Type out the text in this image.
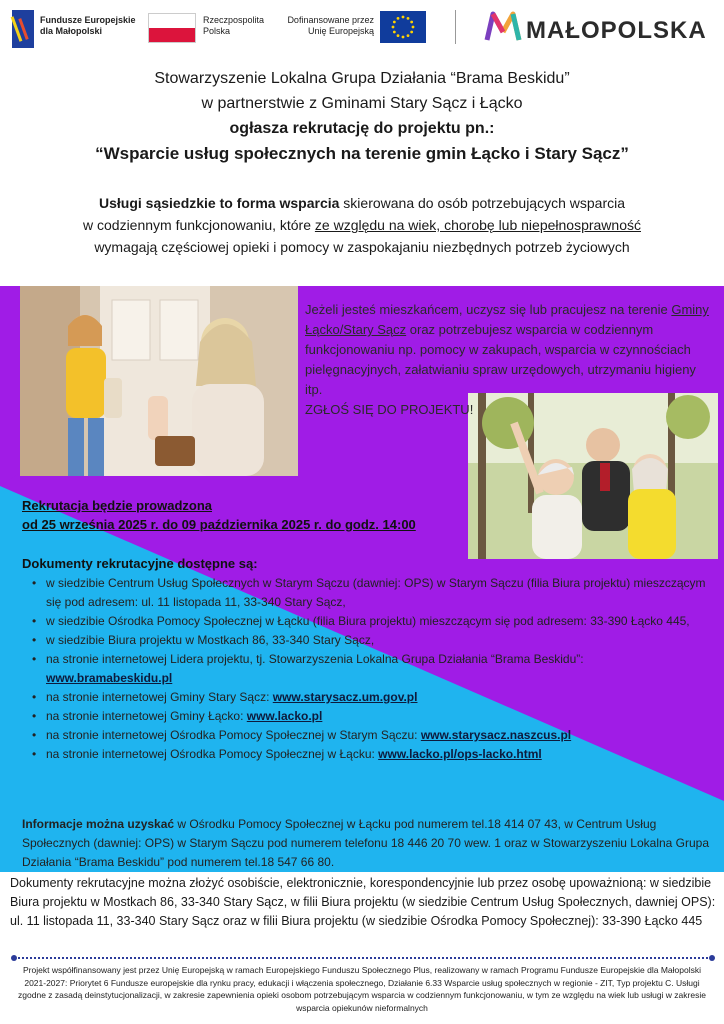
Fundusze Europejskie
dla Małopolski
Rzeczpospolita
Polska
Dofinansowane przez
Unię Europejską	MAŁOPOLSKA
Stowarzyszenie Lokalna Grupa Działania “Brama Beskidu”
w partnerstwie z Gminami Stary Sącz i Łącko
ogłasza rekrutację do projektu pn.:
“Wsparcie usług społecznych na terenie gmin Łącko i Stary Sącz”
Usługi sąsiedzkie to forma wsparcia skierowana do osób potrzebujących wsparcia
w codziennym funkcjonowaniu, które ze względu na wiek, chorobę lub niepełnosprawność
wymagają częściowej opieki i pomocy w zaspokajaniu niezbędnych potrzeb życiowych
Jeżeli jesteś mieszkańcem, uczysz się lub pracujesz na terenie Gminy Łącko/Stary Sącz oraz potrzebujesz wsparcia w codziennym funkcjonowaniu np. pomocy w zakupach, wsparcia w czynnościach pielęgnacyjnych, załatwianiu spraw urzędowych, utrzymaniu higieny itp.
ZGŁOŚ SIĘ DO PROJEKTU!
Rekrutacja będzie prowadzona
od 25 września 2025 r. do 09 października 2025 r. do godz. 14:00
Dokumenty rekrutacyjne dostępne są:
• w siedzibie Centrum Usług Społecznych w Starym Sączu (dawniej: OPS) w Starym Sączu (filia Biura projektu) mieszczącym się pod adresem: ul. 11 listopada 11, 33-340 Stary Sącz,
• w siedzibie Ośrodka Pomocy Społecznej w Łącku (filia Biura projektu) mieszczącym się pod adresem: 33-390 Łącko 445,
• w siedzibie Biura projektu w Mostkach 86, 33-340 Stary Sącz,
• na stronie internetowej Lidera projektu, tj. Stowarzyszenia Lokalna Grupa Działania “Brama Beskidu”:
www.bramabeskidu.pl
• na stronie internetowej Gminy Stary Sącz: www.starysacz.um.gov.pl
• na stronie internetowej Gminy Łącko: www.lacko.pl
• na stronie internetowej Ośrodka Pomocy Społecznej w Starym Sączu: www.starysacz.naszcus.pl
• na stronie internetowej Ośrodka Pomocy Społecznej w Łącku: www.lacko.pl/ops-lacko.html
Informacje można uzyskać w Ośrodku Pomocy Społecznej w Łącku pod numerem tel.18 414 07 43, w Centrum Usług Społecznych (dawniej: OPS) w Starym Sączu pod numerem telefonu 18 446 20 70 wew. 1 oraz w Stowarzyszeniu Lokalna Grupa Działania “Brama Beskidu” pod numerem tel.18 547 66 80.
Dokumenty rekrutacyjne można złożyć osobiście, elektronicznie, korespondencyjnie lub przez osobę upoważnioną: w siedzibie Biura projektu w Mostkach 86, 33-340 Stary Sącz, w filii Biura projektu (w siedzibie Centrum Usług Społecznych, dawniej OPS): ul. 11 listopada 11, 33-340 Stary Sącz oraz w filii Biura projektu (w siedzibie Ośrodka Pomocy Społecznej): 33-390 Łącko 445
Projekt współfinansowany jest przez Unię Europejską w ramach Europejskiego Funduszu Społecznego Plus, realizowany w ramach Programu Fundusze Europejskie dla Małopolski 2021-2027: Priorytet 6 Fundusze europejskie dla rynku pracy, edukacji i włączenia społecznego, Działanie 6.33 Wsparcie usług społecznych w regionie - ZIT, Typ projektu C. Usługi zgodne z zasadą deinstytucjonalizacji, w zakresie zapewnienia opieki osobom potrzebującym wsparcia w codziennym funkcjonowaniu, w tym ze względu na wiek lub usługi w zakresie wsparcia opiekunów nieformalnych
